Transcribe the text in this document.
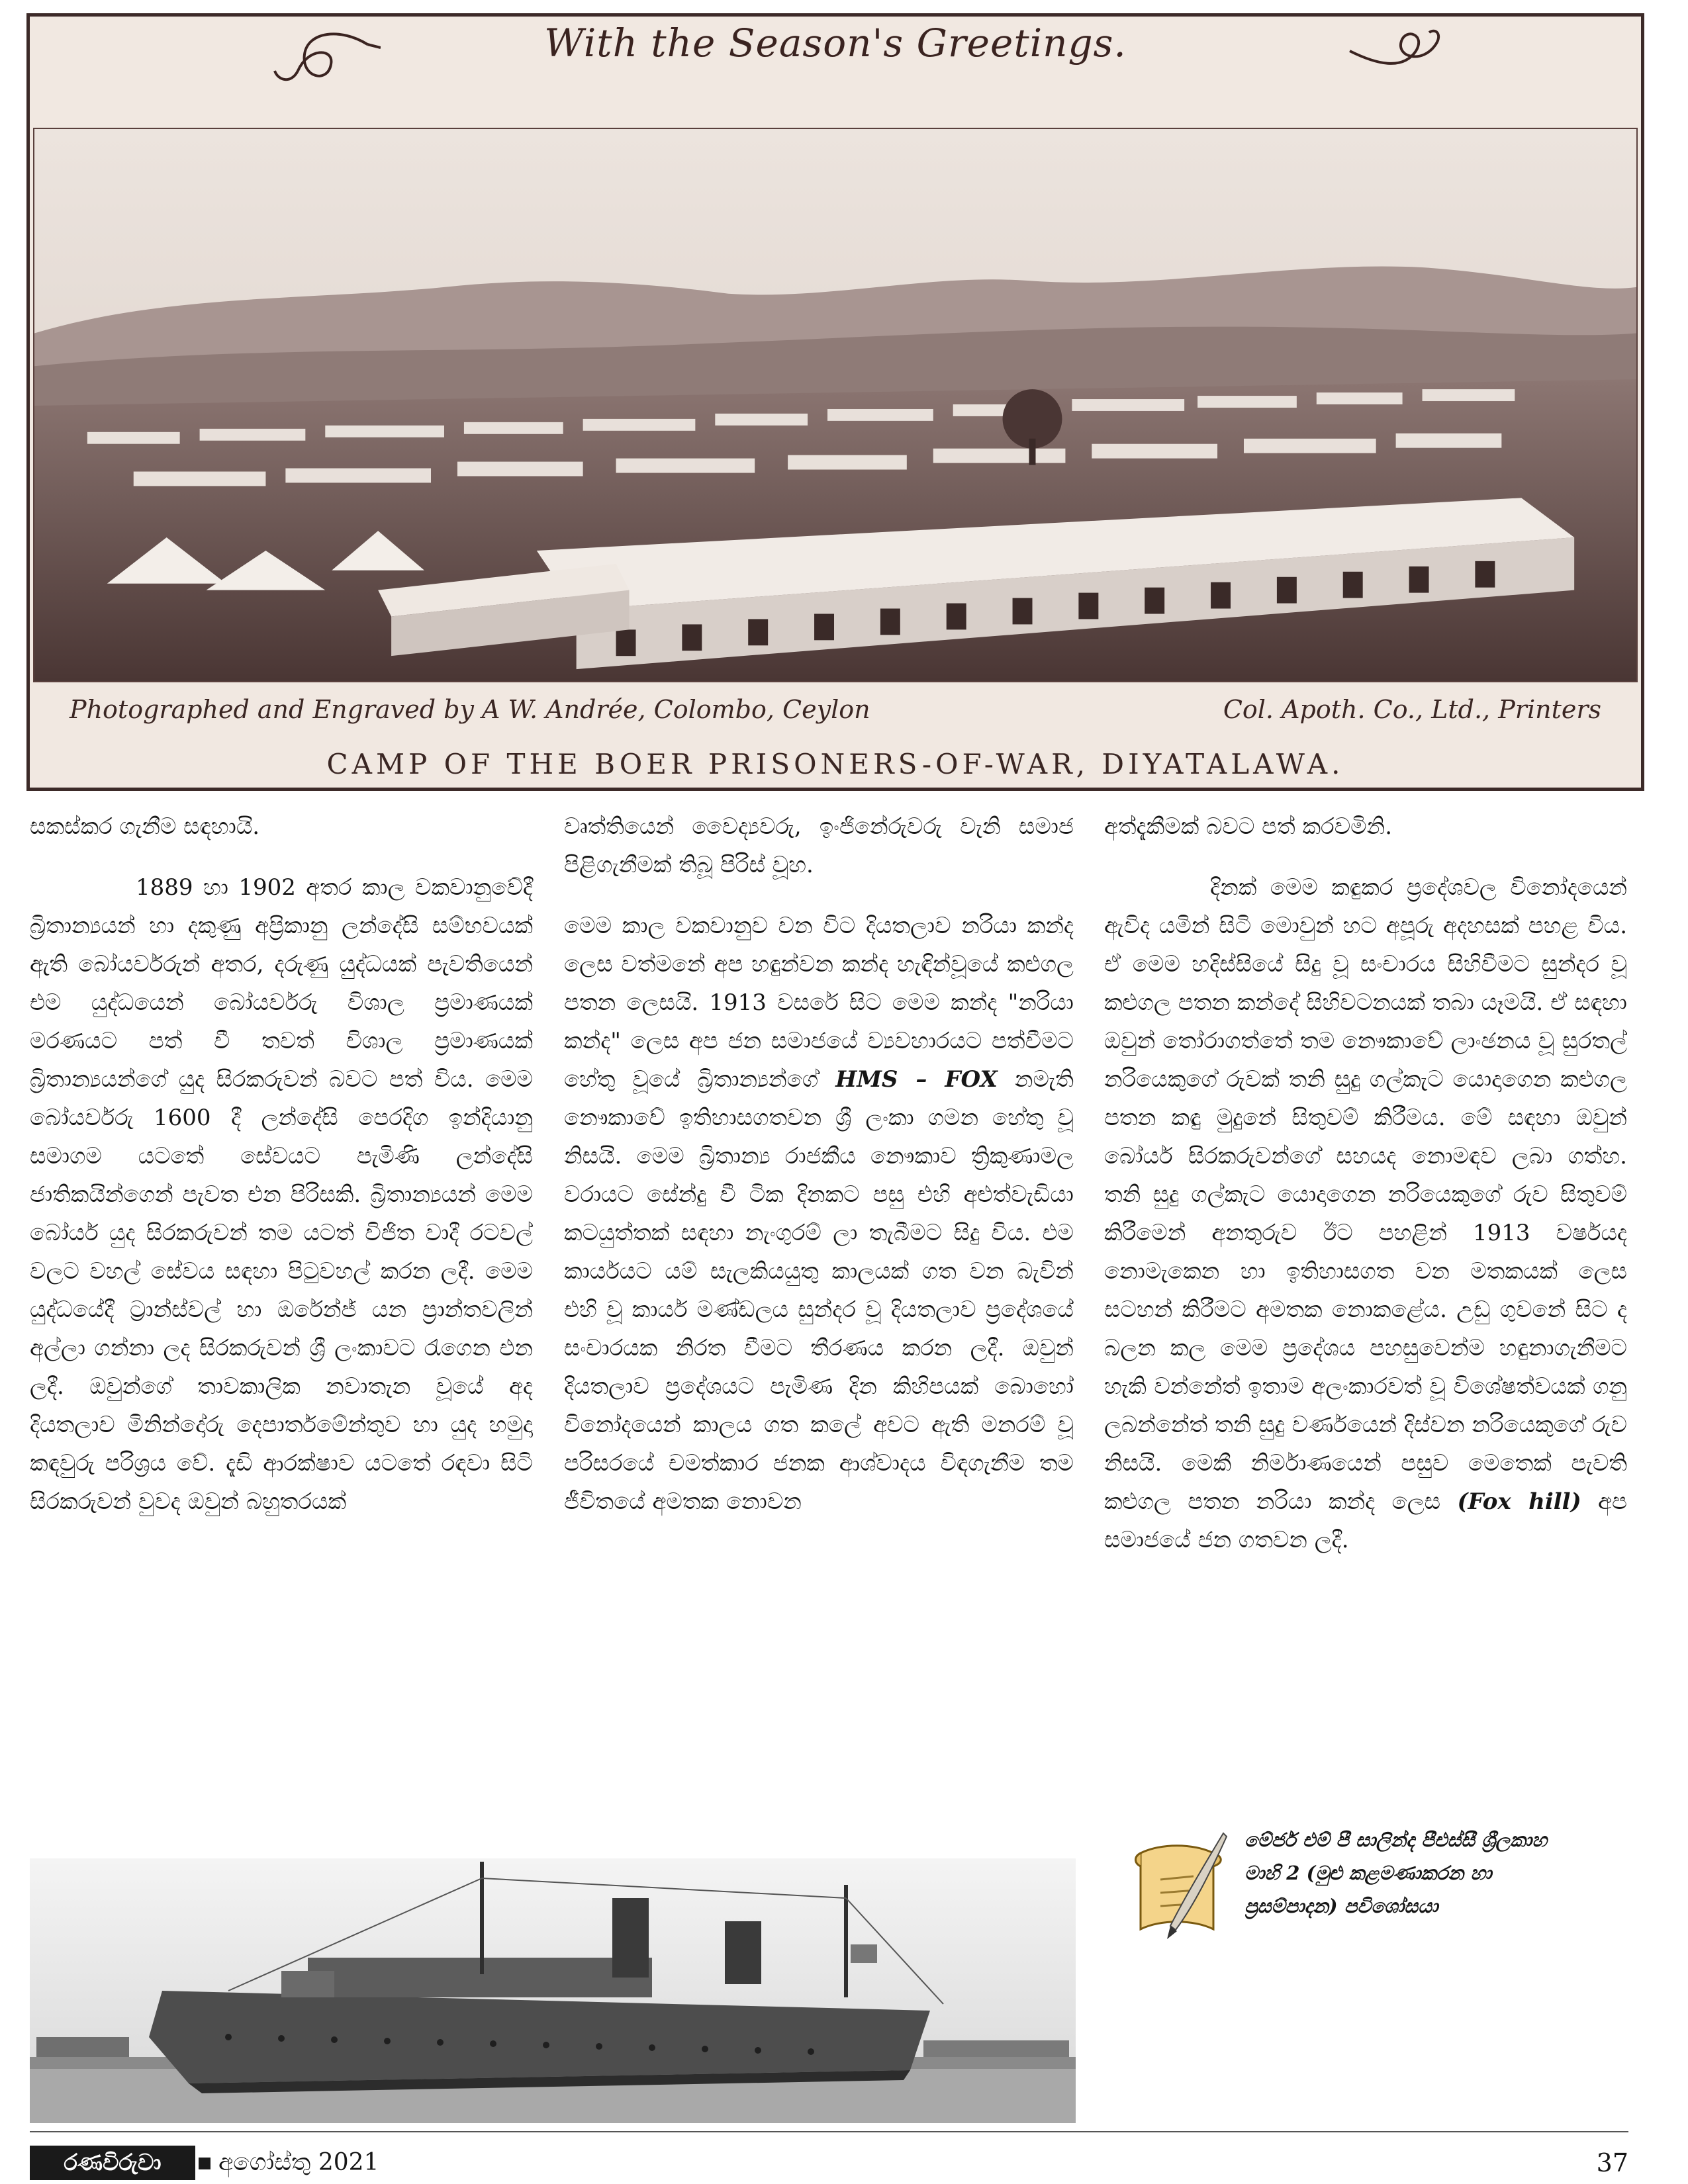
With the Season's Greetings.
Photographed and Engraved by A W. Andrée, Colombo, Ceylon	Col. Apoth. Co., Ltd., Printers
CAMP OF THE BOER PRISONERS-OF-WAR, DIYATALAWA.

සකස්කර ගැනීම සඳහායි.

1889 හා 1902 අතර කාල වකවානුවේදී බ්‍රිතාන්‍යයන් හා දකුණු අප්‍රිකානු ලන්දේසි සම්භවයක් ඇති බෝයර්වරුන් අතර, දරුණු යුද්ධයක් පැවතියෙන් එම යුද්ධයෙන් බෝයර්වරු විශාල ප්‍රමාණයක් මරණයට පත් වී තවත් විශාල ප්‍රමාණයක් බ්‍රිතාන්‍යයන්ගේ යුද සිරකරුවන් බවට පත් විය. මෙම බෝයර්වරු 1600 දී ලන්දේසි පෙරදිග ඉන්දියානු සමාගම යටතේ සේවයට පැමිණි ලන්දේසි ජාතිකයින්ගෙන් පැවත එන පිරිසකි. බ්‍රිතාන්‍යයන් මෙම බෝයර් යුද සිරකරුවන් තම යටත් විජිත වාදී රටවල් වලට වහල් සේවය සඳහා පිටුවහල් කරන ලදී. මෙම යුද්ධයේදී ට්‍රාන්ස්වල් හා ඔරේන්ජ් යන ප්‍රාන්තවලින් අල්ලා ගන්නා ලද සිරකරුවන් ශ්‍රී ලංකාවට රැගෙන එන ලදී. ඔවුන්ගේ තාවකාලික නවාතැන වූයේ අද දියතලාව මිනින්දෝරු දෙපාර්තමේන්තුව හා යුද හමුදා කඳවුරු පරිශ්‍රය වේ. දැඩි ආරක්ෂාව යටතේ රඳවා සිටි සිරකරුවන් වුවද ඔවුන් බහුතරයක්

වෘත්තියෙන් වෛද්‍යවරු, ඉංජිනේරුවරු වැනි සමාජ පිළිගැනීමක් තිබූ පිරිස් වූහ.

මෙම කාල වකවානුව වන විට දියතලාව නරියා කන්ද ලෙස වත්මනේ අප හඳුන්වන කන්ද හැඳින්වූයේ කළුගල පතන ලෙසයි. 1913 වසරේ සිට මෙම කන්ද "නරියා කන්ද" ලෙස අප ජන සමාජයේ ව්‍යවහාරයට පත්වීමට හේතු වූයේ බ්‍රිතාන්‍යන්ගේ HMS – FOX නමැති නෞකාවේ ඉතිහාසගතවන ශ්‍රී ලංකා ගමන හේතු වූ නිසයි. මෙම බ්‍රිතාන්‍ය රාජකීය නෞකාව ත්‍රිකුණාමල වරායට සේන්දු වී ටික දිනකට පසු එහි අළුත්වැඩියා කටයුත්තක් සඳහා නැංගුරම් ලා තැබීමට සිදු විය. එම කාර්යයට යම් සැලකියයුතු කාලයක් ගත වන බැවින් එහි වූ කාර්ය මණ්ඩලය සුන්දර වූ දියතලාව ප්‍රදේශයේ සංචාරයක නිරත වීමට තීරණය කරන ලදී. ඔවුන් දියතලාව ප්‍රදේශයට පැමිණ දින කිහිපයක් බොහෝ විනෝදයෙන් කාලය ගත කලේ අවට ඇති මනරම් වූ පරිසරයේ චමත්කාර ජනක ආශ්වාදය විඳගැනීම තම ජීවිතයේ අමතක නොවන

අත්දැකීමක් බවට පත් කරවමිනි.

දිනක් මෙම කඳුකර ප්‍රදේශවල විනෝදයෙන් ඇවිද යමින් සිටි මොවුන් හට අපූරු අදහසක් පහළ විය. ඒ මෙම හදිස්සියේ සිදු වූ සංචාරය සිහිවීමට සුන්දර වූ කළුගල පතන කන්දේ සිහිවටනයක් තබා යෑමයි. ඒ සඳහා ඔවුන් තෝරාගත්තේ තම නෞකාවේ ලාංඡනය වූ සුරතල් නරියෙකුගේ රුවක් තනි සුදු ගල්කැට යොදාගෙන කළුගල පතන කඳු මුදුනේ සිතුවම් කිරීමය. මේ සඳහා ඔවුන් බෝයර් සිරකරුවන්ගේ සහයද නොමඳව ලබා ගත්හ. තනි සුදු ගල්කැට යොදාගෙන නරියෙකුගේ රුව සිතුවම් කිරීමෙන් අනතුරුව ඊට පහළින් 1913 වර්ෂයද නොමැකෙන හා ඉතිහාසගත වන මතකයක් ලෙස සටහන් කිරීමට අමතක නොකළේය. උඩු ගුවනේ සිට ද බලන කල මෙම ප්‍රදේශය පහසුවෙන්ම හඳුනාගැනීමට හැකි වන්නේත් ඉතාම අලංකාරවත් වූ විශේෂත්වයක් ගනු ලබන්නේත් තනි සුදු වර්ණයෙන් දිස්වන නරියෙකුගේ රුව නිසයි. මෙකී නිර්මාණයෙන් පසුව මෙතෙක් පැවති කළුගල පතන නරියා කන්ද ලෙස (Fox hill) අප සමාජයේ ජන ගතවන ලදී.

මේජර් එම් පී සාලින්ද පීඑස්සී ශ්‍රීලකාහ
මාහි 2 (මුළු කළමණාකරන හා
ප්‍රසම්පාදන) පවිශෝසයා
රණවිරුවා	අගෝස්තු 2021	37
